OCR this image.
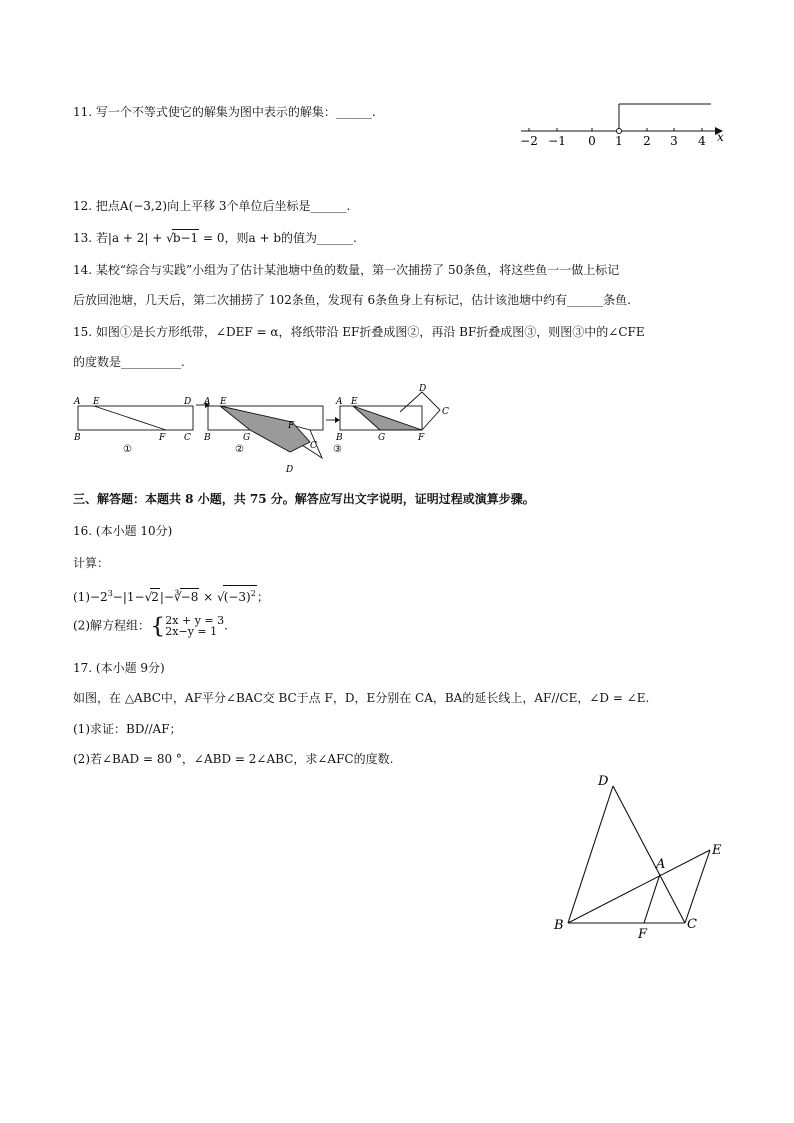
11. 写一个不等式使它的解集为图中表示的解集：______.
−2 −1 0 1 2 3 4 x
12. 把点A(−3,2)向上平移 3个单位后坐标是______.
13. 若|a + 2| + √b−1 = 0，则a + b的值为______.
14. 某校“综合与实践”小组为了估计某池塘中鱼的数量，第一次捕捞了 50条鱼，将这些鱼一一做上标记
后放回池塘，几天后，第二次捕捞了 102条鱼，发现有 6条鱼身上有标记，估计该池塘中约有______条鱼.
15. 如图①是长方形纸带，∠DEF = α，将纸带沿 EF折叠成图②，再沿 BF折叠成图③，则图③中的∠CFE
的度数是__________.
A E	D
B	F C
①
A E
B	G
F
C
D
②
A E
B	G	F
D
C
③
三、解答题：本题共 8 小题，共 75 分。解答应写出文字说明，证明过程或演算步骤。
16. (本小题 10分)
计算：
$(1)-2^3-|1-√2|-∛-8 \times √(-3)^2$；
(2)解方程组：{2x + y = 3
2x−y = 1 .
17. (本小题 9分)
如图，在 △ABC中，AF平分∠BAC交 BC于点 F，D，E分别在 CA，BA的延长线上，AF//CE，∠D = ∠E.
(1)求证：BD//AF；
(2)若∠BAD = 80 °，∠ABD = 2∠ABC，求∠AFC的度数.
D
E
A
B	C
F
